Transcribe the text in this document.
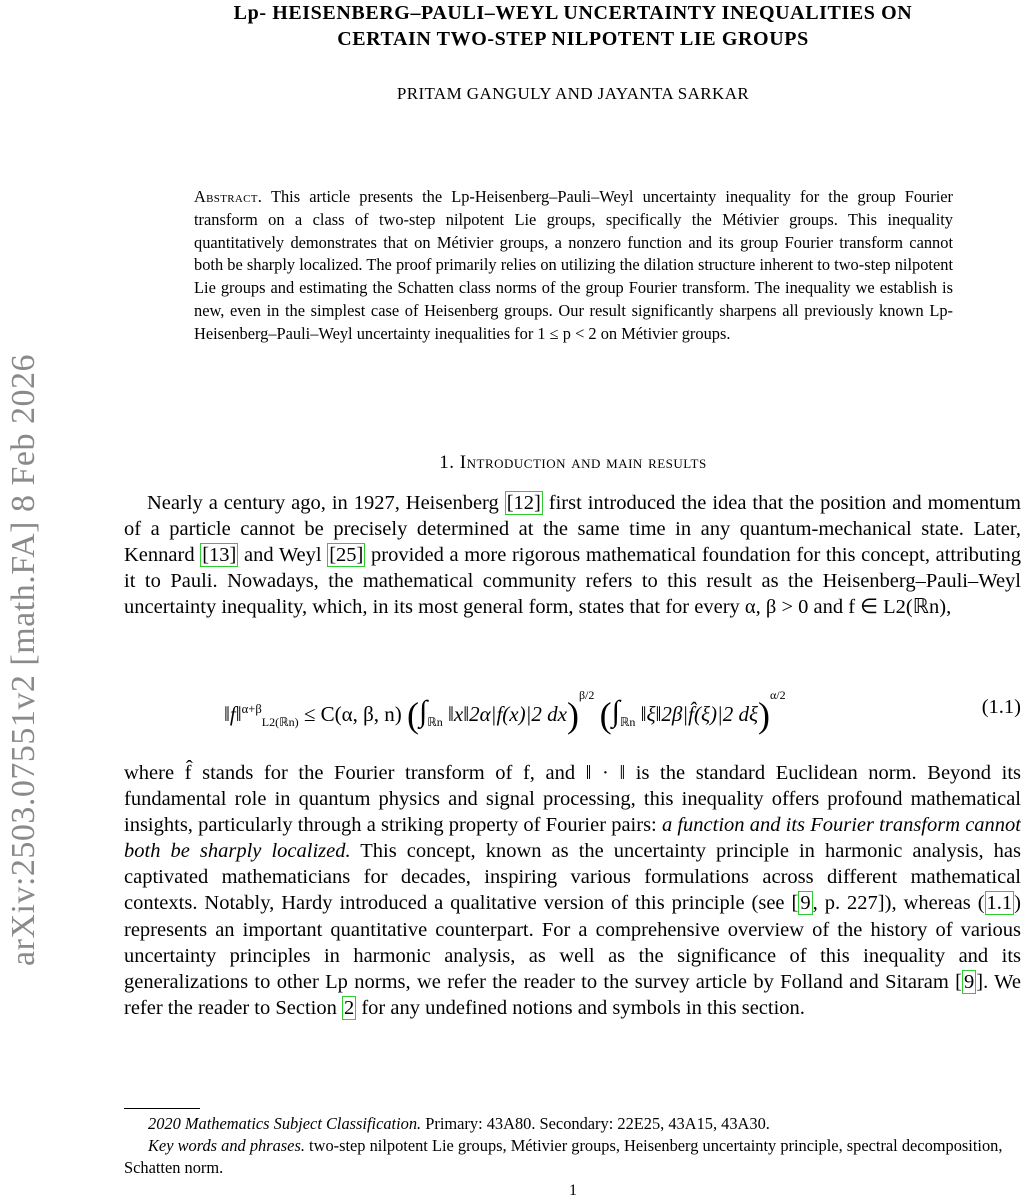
arXiv:2503.07551v2 [math.FA] 8 Feb 2026
Lp- HEISENBERG–PAULI–WEYL UNCERTAINTY INEQUALITIES ON
CERTAIN TWO-STEP NILPOTENT LIE GROUPS
PRITAM GANGULY AND JAYANTA SARKAR
Abstract. This article presents the Lp-Heisenberg–Pauli–Weyl uncertainty inequality for the group Fourier transform on a class of two-step nilpotent Lie groups, specifically the Métivier groups. This inequality quantitatively demonstrates that on Métivier groups, a nonzero function and its group Fourier transform cannot both be sharply localized. The proof primarily relies on utilizing the dilation structure inherent to two-step nilpotent Lie groups and estimating the Schatten class norms of the group Fourier transform. The inequality we establish is new, even in the simplest case of Heisenberg groups. Our result significantly sharpens all previously known Lp-Heisenberg–Pauli–Weyl uncertainty inequalities for 1 ≤ p < 2 on Métivier groups.
1. Introduction and main results
Nearly a century ago, in 1927, Heisenberg [12] first introduced the idea that the position and momentum of a particle cannot be precisely determined at the same time in any quantum-mechanical state. Later, Kennard [13] and Weyl [25] provided a more rigorous mathematical foundation for this concept, attributing it to Pauli. Nowadays, the mathematical community refers to this result as the Heisenberg–Pauli–Weyl uncertainty inequality, which, in its most general form, states that for every α, β > 0 and f ∈ L2(ℝn),
‖f‖$^{\alpha+\beta}_{L2(ℝn)}$ ≤ C(α, β, n) ($\int_{ℝn}$ ‖x‖2α|f(x)|2 dx)$^{\beta/2}$ ($\int_{ℝn}$ ‖ξ‖2β|f̂(ξ)|2 dξ)$^{\alpha/2}$
(1.1)
where f̂ stands for the Fourier transform of f, and ‖ · ‖ is the standard Euclidean norm. Beyond its fundamental role in quantum physics and signal processing, this inequality offers profound mathematical insights, particularly through a striking property of Fourier pairs: a function and its Fourier transform cannot both be sharply localized. This concept, known as the uncertainty principle in harmonic analysis, has captivated mathematicians for decades, inspiring various formulations across different mathematical contexts. Notably, Hardy introduced a qualitative version of this principle (see [9, p. 227]), whereas (1.1) represents an important quantitative counterpart. For a comprehensive overview of the history of various uncertainty principles in harmonic analysis, as well as the significance of this inequality and its generalizations to other Lp norms, we refer the reader to the survey article by Folland and Sitaram [9]. We refer the reader to Section 2 for any undefined notions and symbols in this section.
2020 Mathematics Subject Classification. Primary: 43A80. Secondary: 22E25, 43A15, 43A30.
Key words and phrases. two-step nilpotent Lie groups, Métivier groups, Heisenberg uncertainty principle, spectral decomposition, Schatten norm.
1
